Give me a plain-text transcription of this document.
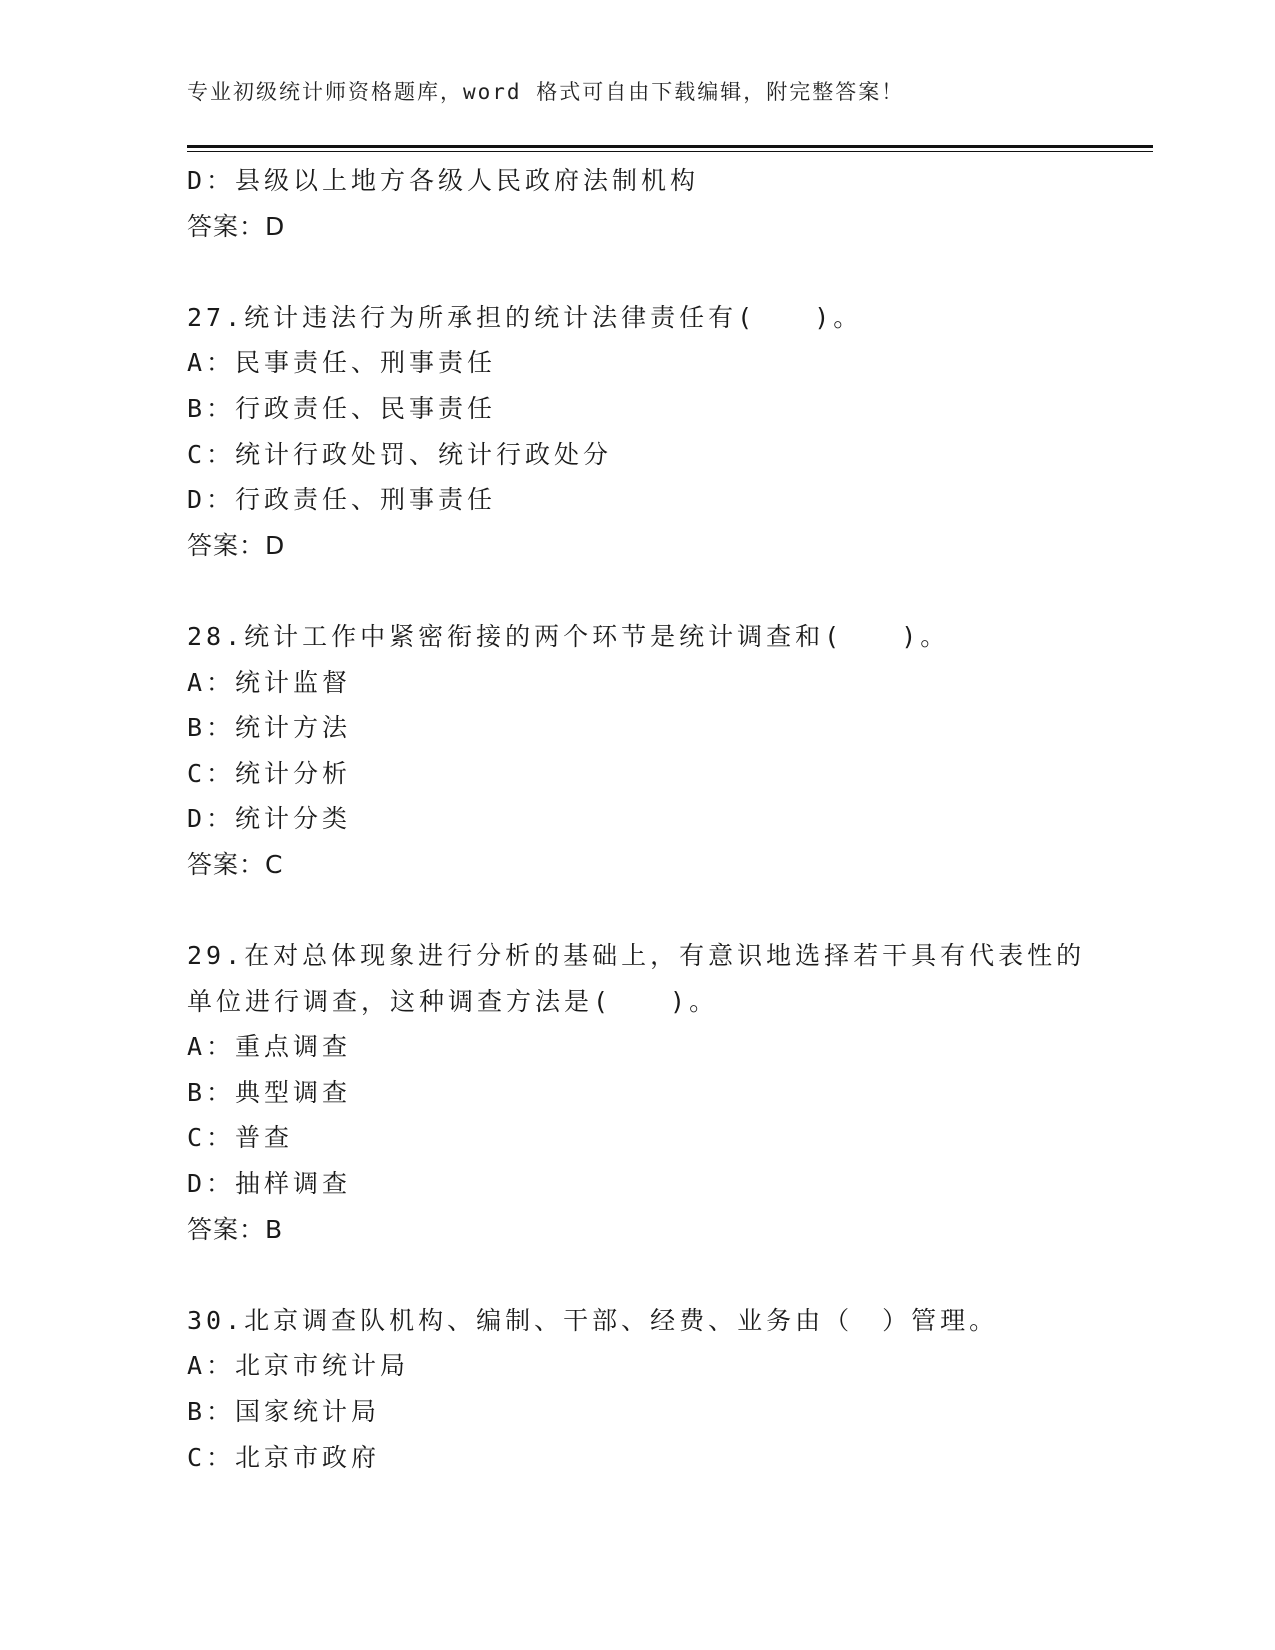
专业初级统计师资格题库，word 格式可自由下载编辑，附完整答案！
D：县级以上地方各级人民政府法制机构
答案：D
27.统计违法行为所承担的统计法律责任有(　　)。
A：民事责任、刑事责任
B：行政责任、民事责任
C：统计行政处罚、统计行政处分
D：行政责任、刑事责任
答案：D
28.统计工作中紧密衔接的两个环节是统计调查和(　　)。
A：统计监督
B：统计方法
C：统计分析
D：统计分类
答案：C
29.在对总体现象进行分析的基础上，有意识地选择若干具有代表性的
单位进行调查，这种调查方法是(　　)。
A：重点调查
B：典型调查
C：普查
D：抽样调查
答案：B
30.北京调查队机构、编制、干部、经费、业务由（　）管理。
A：北京市统计局
B：国家统计局
C：北京市政府
